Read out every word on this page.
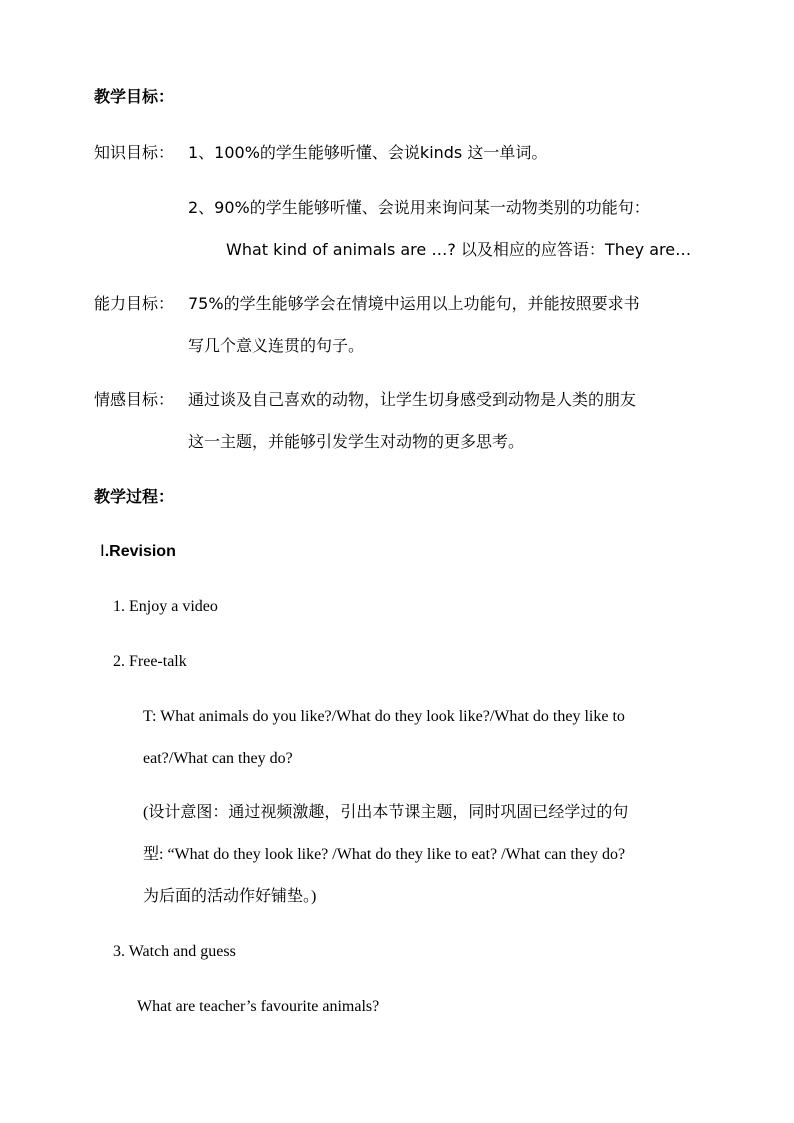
教学目标：
知识目标： 1、100%的学生能够听懂、会说kinds 这一单词。
2、90%的学生能够听懂、会说用来询问某一动物类别的功能句：
What kind of animals are …? 以及相应的应答语：They are…
能力目标： 75%的学生能够学会在情境中运用以上功能句，并能按照要求书
写几个意义连贯的句子。
情感目标： 通过谈及自己喜欢的动物，让学生切身感受到动物是人类的朋友
这一主题，并能够引发学生对动物的更多思考。
教学过程：
Ⅰ.Revision
1. Enjoy a video
2. Free-talk
T: What animals do you like?/What do they look like?/What do they like to
eat?/What can they do?
(设计意图：通过视频激趣，引出本节课主题，同时巩固已经学过的句
型: “What do they look like? /What do they like to eat? /What can they do?
为后面的活动作好铺垫。)
3. Watch and guess
What are teacher’s favourite animals?
